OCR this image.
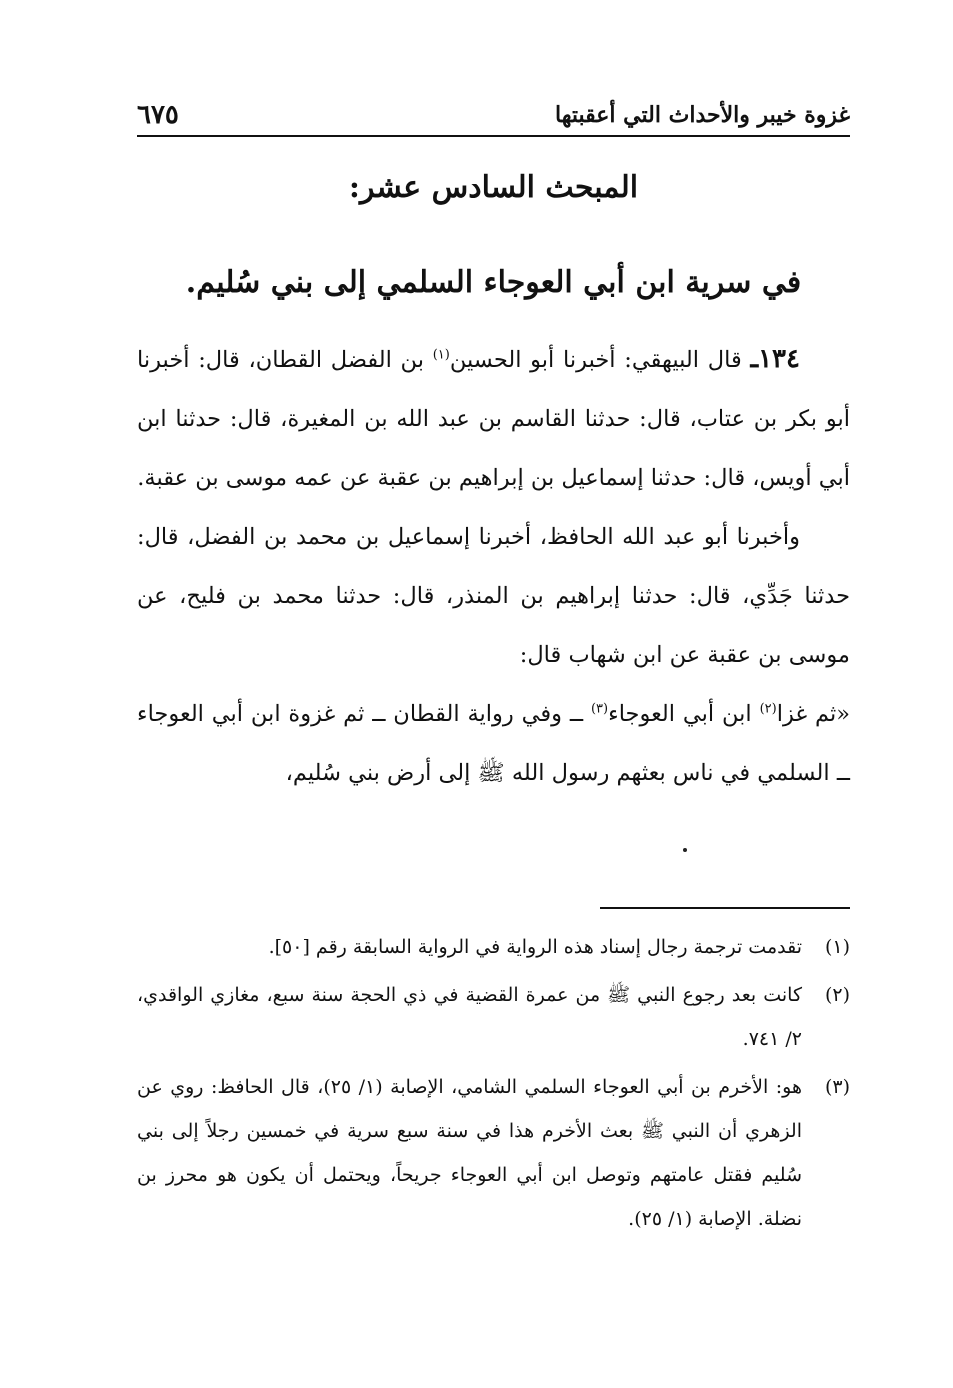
غزوة خيبر والأحداث التي أعقبتها
٦٧٥
المبحث السادس عشر:
في سرية ابن أبي العوجاء السلمي إلى بني سُليم.

١٣٤ـ قال البيهقي: أخبرنا أبو الحسين$^{(١)}$ بن الفضل القطان، قال: أخبرنا أبو بكر بن عتاب، قال: حدثنا القاسم بن عبد الله بن المغيرة، قال: حدثنا ابن أبي أويس، قال: حدثنا إسماعيل بن إبراهيم بن عقبة عن عمه موسى بن عقبة.

وأخبرنا أبو عبد الله الحافظ، أخبرنا إسماعيل بن محمد بن الفضل، قال: حدثنا جَدِّي، قال: حدثنا إبراهيم بن المنذر، قال: حدثنا محمد بن فليح، عن موسى بن عقبة عن ابن شهاب قال:

«ثم غزا$^{(٢)}$ ابن أبي العوجاء$^{(٣)}$ ــ وفي رواية القطان ــ ثم غزوة ابن أبي العوجاء ــ السلمي في ناس بعثهم رسول الله ﷺ إلى أرض بني سُليم،

(١)
تقدمت ترجمة رجال إسناد هذه الرواية في الرواية السابقة رقم [٥٠].
(٢)
كانت بعد رجوع النبي ﷺ من عمرة القضية في ذي الحجة سنة سبع، مغازي الواقدي، ٢/ ٧٤١.
(٣)
هو: الأخرم بن أبي العوجاء السلمي الشامي، الإصابة (١/ ٢٥)، قال الحافظ: روي عن الزهري أن النبي ﷺ بعث الأخرم هذا في سنة سبع سرية في خمسين رجلاً إلى بني سُليم فقتل عامتهم وتوصل ابن أبي العوجاء جريحاً، ويحتمل أن يكون هو محرز بن نضلة. الإصابة (١/ ٢٥).
